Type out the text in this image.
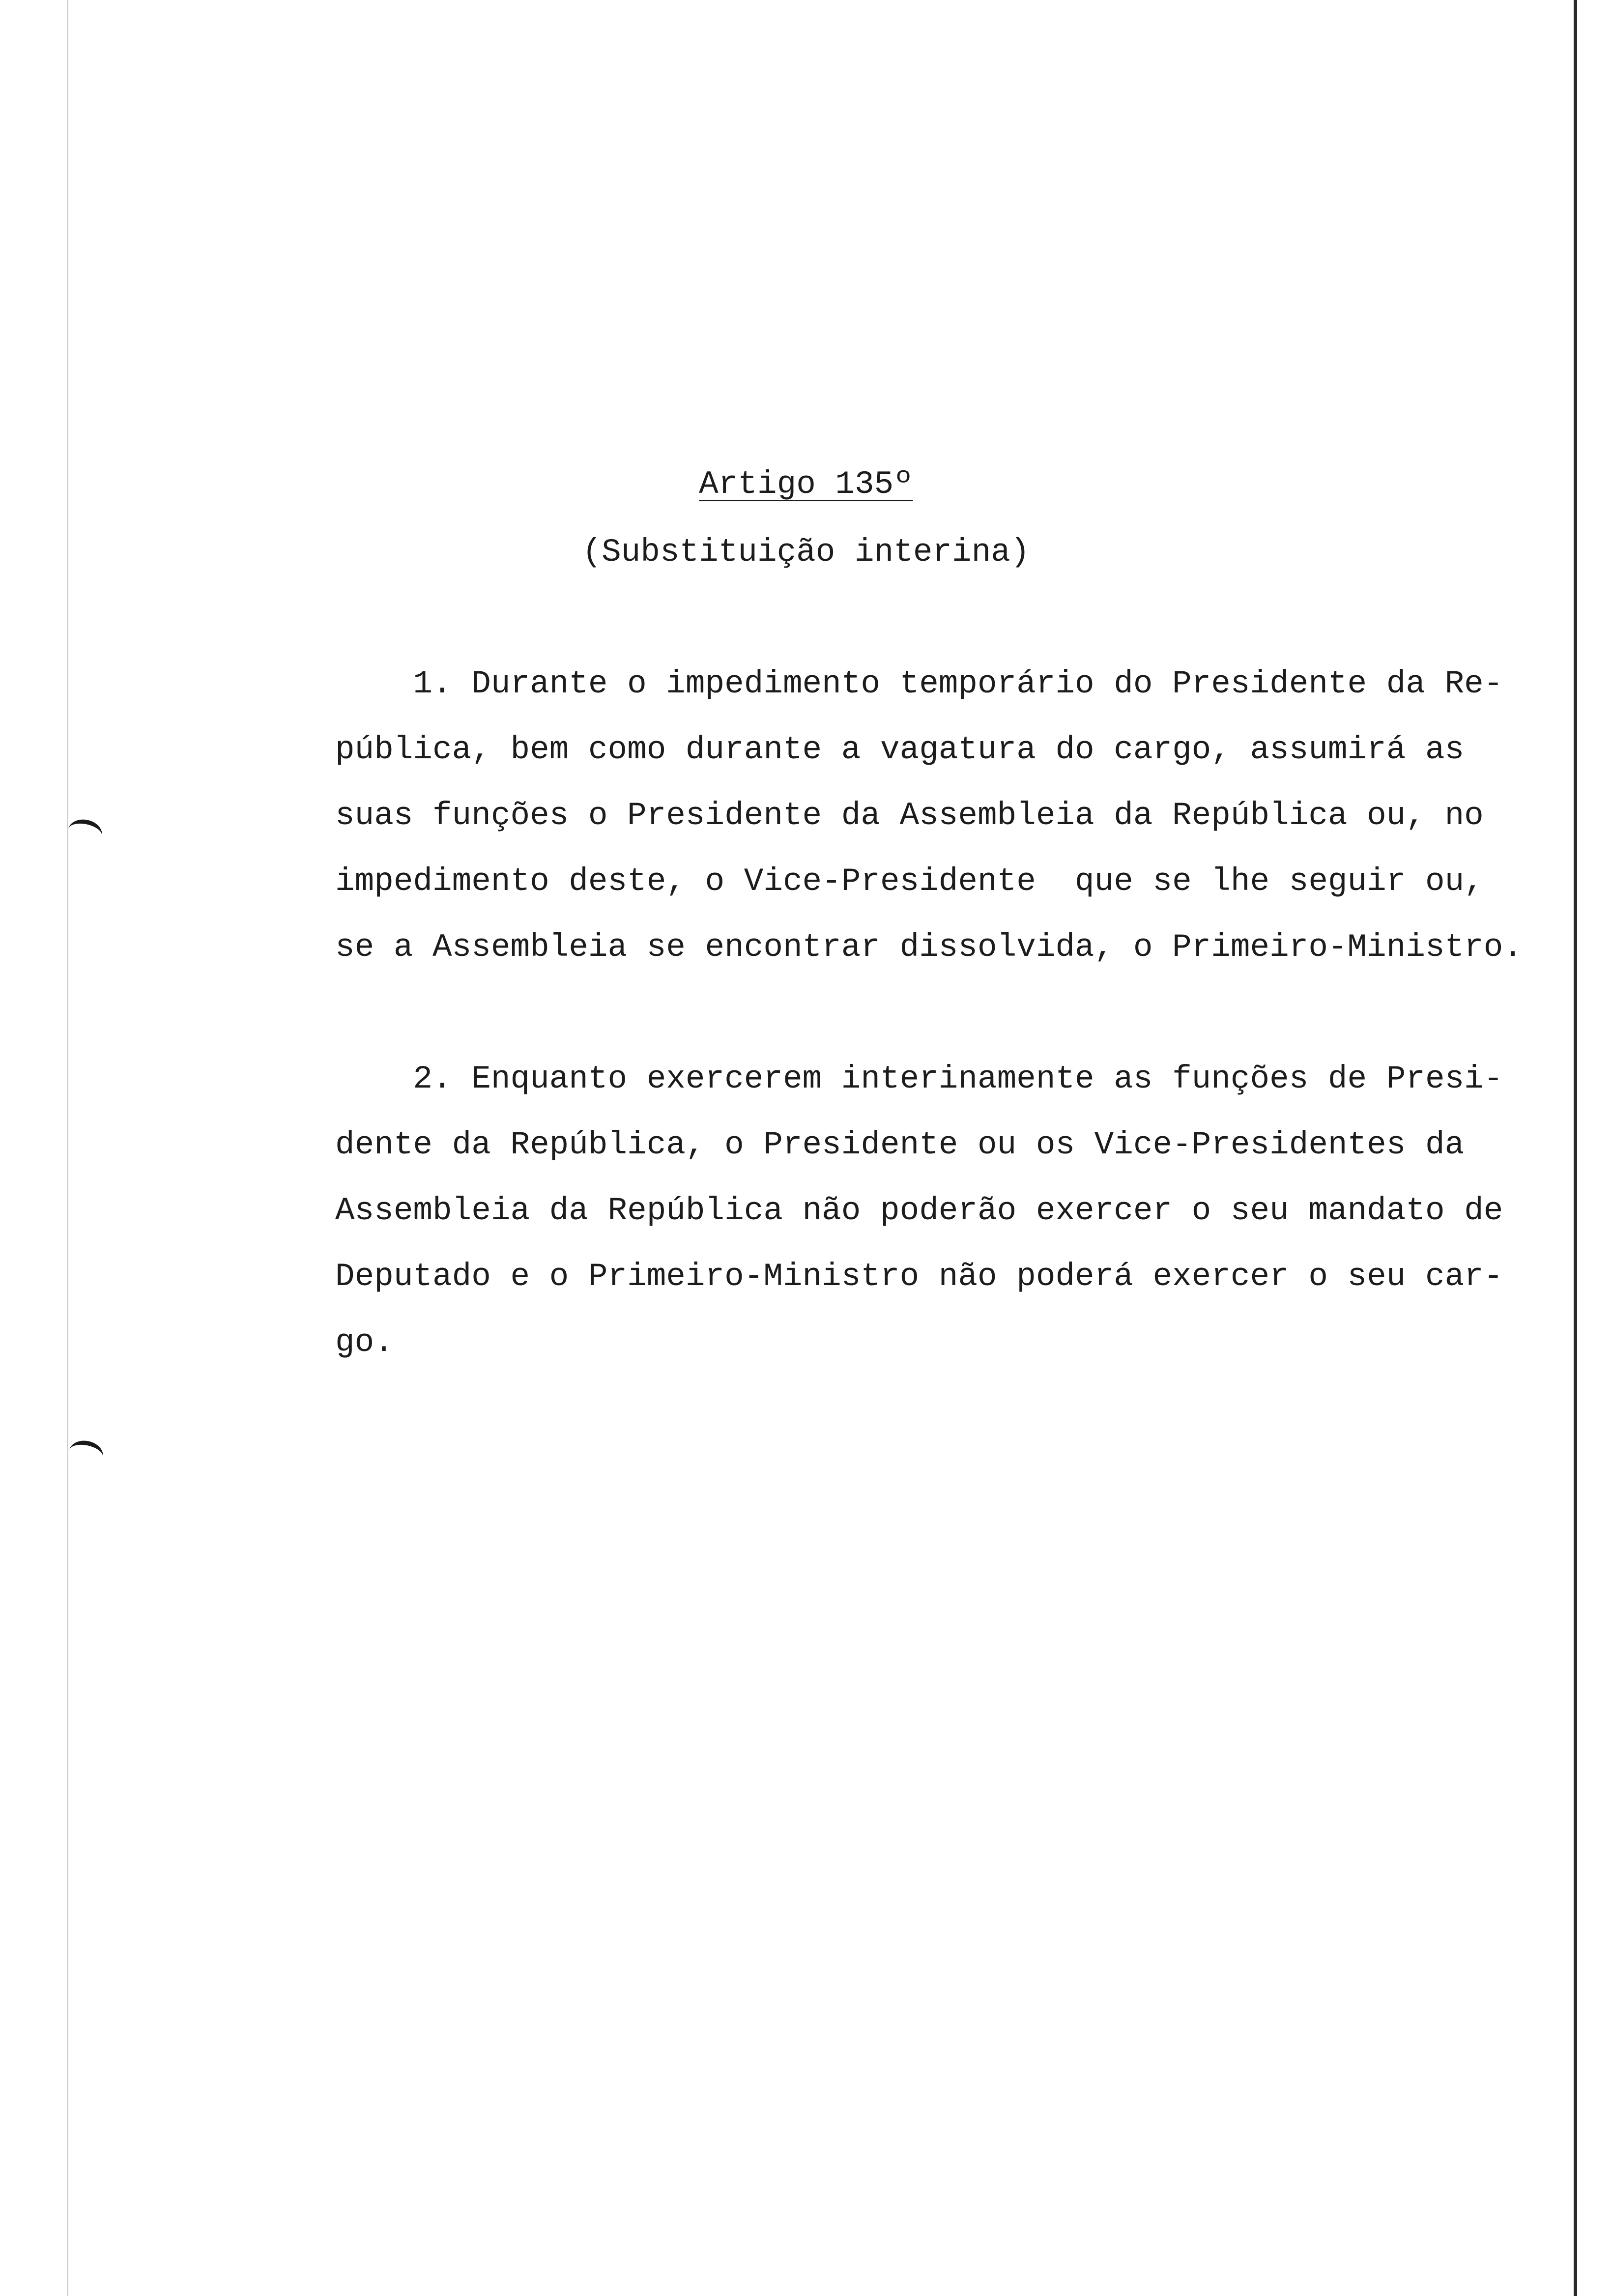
Artigo 135º
(Substituição interina)
1. Durante o impedimento temporário do Presidente da Re-
pública, bem como durante a vagatura do cargo, assumirá as
suas funções o Presidente da Assembleia da República ou, no
impedimento deste, o Vice-Presidente  que se lhe seguir ou,
se a Assembleia se encontrar dissolvida, o Primeiro-Ministro.
2. Enquanto exercerem interinamente as funções de Presi-
dente da República, o Presidente ou os Vice-Presidentes da
Assembleia da República não poderão exercer o seu mandato de
Deputado e o Primeiro-Ministro não poderá exercer o seu car-
go.
